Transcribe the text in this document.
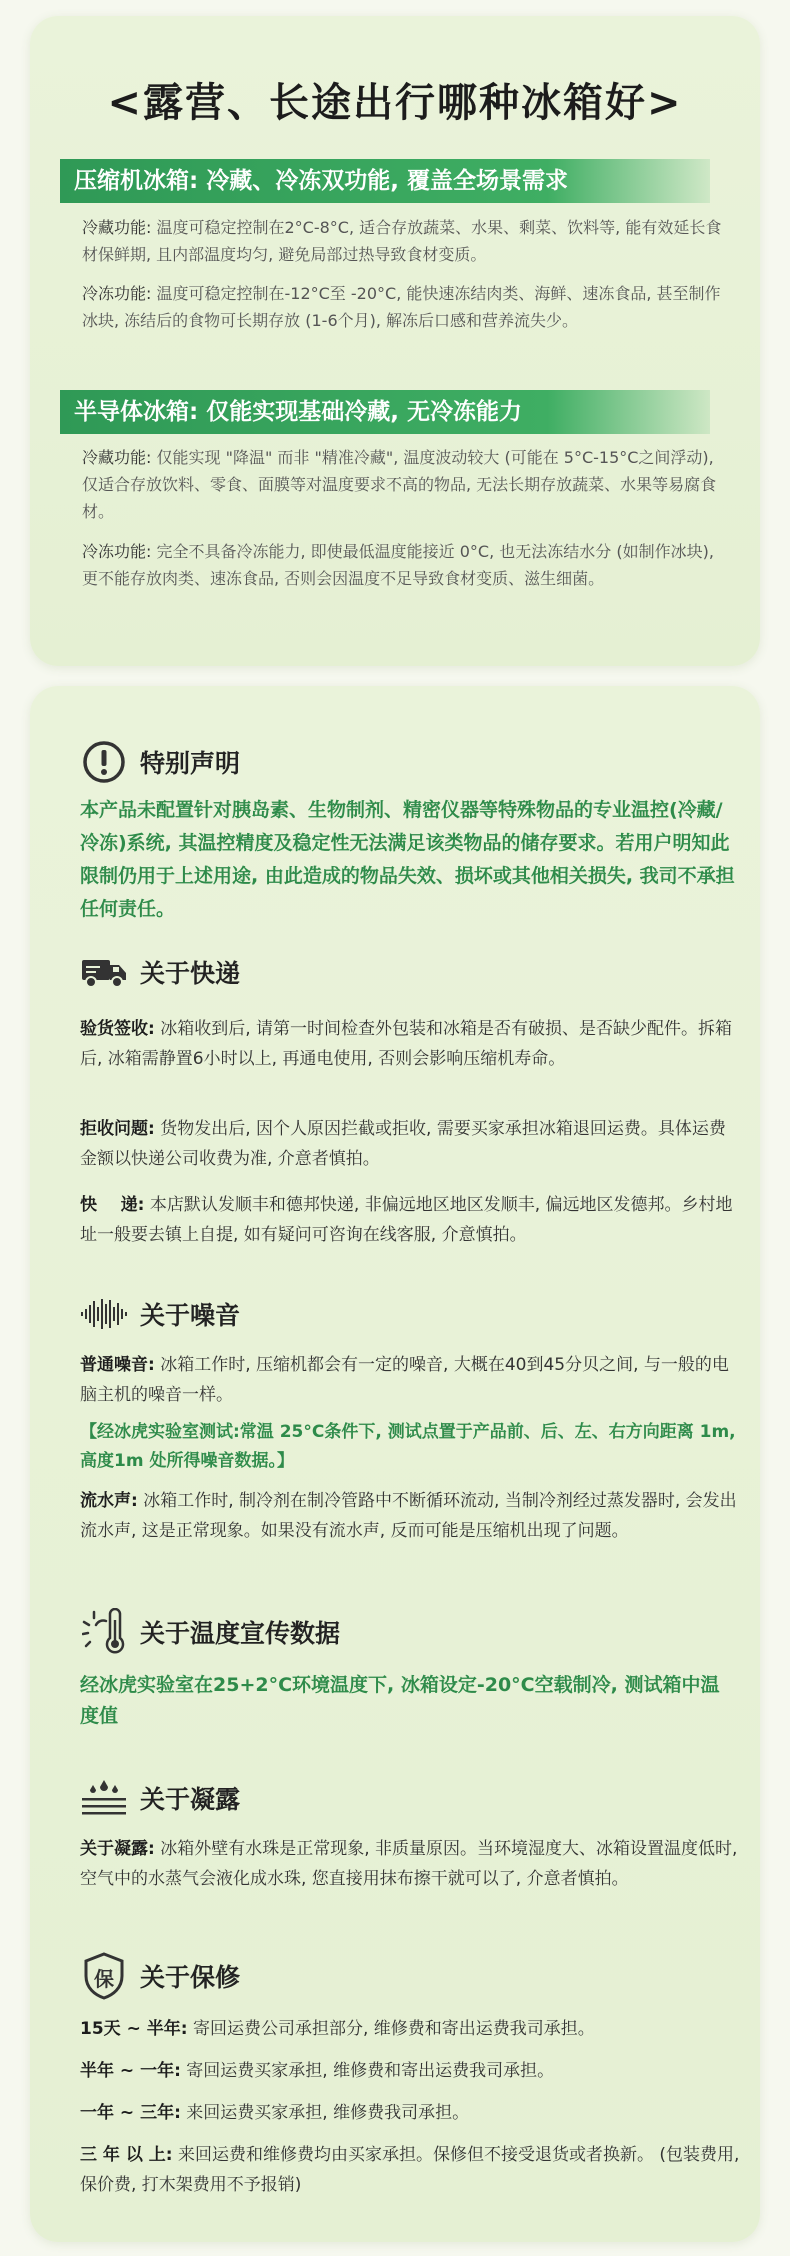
<露营、长途出行哪种冰箱好>
压缩机冰箱: 冷藏、冷冻双功能, 覆盖全场景需求
冷藏功能: 温度可稳定控制在2°C-8°C, 适合存放蔬菜、水果、剩菜、饮料等, 能有效延长食材保鲜期, 且内部温度均匀, 避免局部过热导致食材变质。
冷冻功能: 温度可稳定控制在-12°C至 -20°C, 能快速冻结肉类、海鲜、速冻食品, 甚至制作冰块, 冻结后的食物可长期存放 (1-6个月), 解冻后口感和营养流失少。
半导体冰箱: 仅能实现基础冷藏, 无冷冻能力
冷藏功能: 仅能实现 "降温" 而非 "精准冷藏", 温度波动较大 (可能在 5°C-15°C之间浮动), 仅适合存放饮料、零食、面膜等对温度要求不高的物品, 无法长期存放蔬菜、水果等易腐食材。
冷冻功能: 完全不具备冷冻能力, 即使最低温度能接近 0°C, 也无法冻结水分 (如制作冰块), 更不能存放肉类、速冻食品, 否则会因温度不足导致食材变质、滋生细菌。
特别声明
本产品未配置针对胰岛素、生物制剂、精密仪器等特殊物品的专业温控(冷藏/冷冻)系统, 其温控精度及稳定性无法满足该类物品的储存要求。若用户明知此限制仍用于上述用途, 由此造成的物品失效、损坏或其他相关损失, 我司不承担任何责任。
关于快递
验货签收: 冰箱收到后, 请第一时间检查外包装和冰箱是否有破损、是否缺少配件。拆箱后, 冰箱需静置6小时以上, 再通电使用, 否则会影响压缩机寿命。
拒收问题: 货物发出后, 因个人原因拦截或拒收, 需要买家承担冰箱退回运费。具体运费金额以快递公司收费为准, 介意者慎拍。
快    递: 本店默认发顺丰和德邦快递, 非偏远地区地区发顺丰, 偏远地区发德邦。乡村地址一般要去镇上自提, 如有疑问可咨询在线客服, 介意慎拍。
关于噪音
普通噪音: 冰箱工作时, 压缩机都会有一定的噪音, 大概在40到45分贝之间, 与一般的电脑主机的噪音一样。
【经冰虎实验室测试:常温 25°C条件下, 测试点置于产品前、后、左、右方向距离 1m, 高度1m 处所得噪音数据。】
流水声: 冰箱工作时, 制冷剂在制冷管路中不断循环流动, 当制冷剂经过蒸发器时, 会发出流水声, 这是正常现象。如果没有流水声, 反而可能是压缩机出现了问题。
关于温度宣传数据
经冰虎实验室在25+2°C环境温度下, 冰箱设定-20°C空载制冷, 测试箱中温度值
关于凝露
关于凝露: 冰箱外壁有水珠是正常现象, 非质量原因。当环境湿度大、冰箱设置温度低时, 空气中的水蒸气会液化成水珠, 您直接用抹布擦干就可以了, 介意者慎拍。
保 关于保修
15天 ~ 半年: 寄回运费公司承担部分, 维修费和寄出运费我司承担。
半年 ~ 一年: 寄回运费买家承担, 维修费和寄出运费我司承担。
一年 ~ 三年: 来回运费买家承担, 维修费我司承担。
三 年 以 上: 来回运费和维修费均由买家承担。保修但不接受退货或者换新。 (包装费用, 保价费, 打木架费用不予报销)
